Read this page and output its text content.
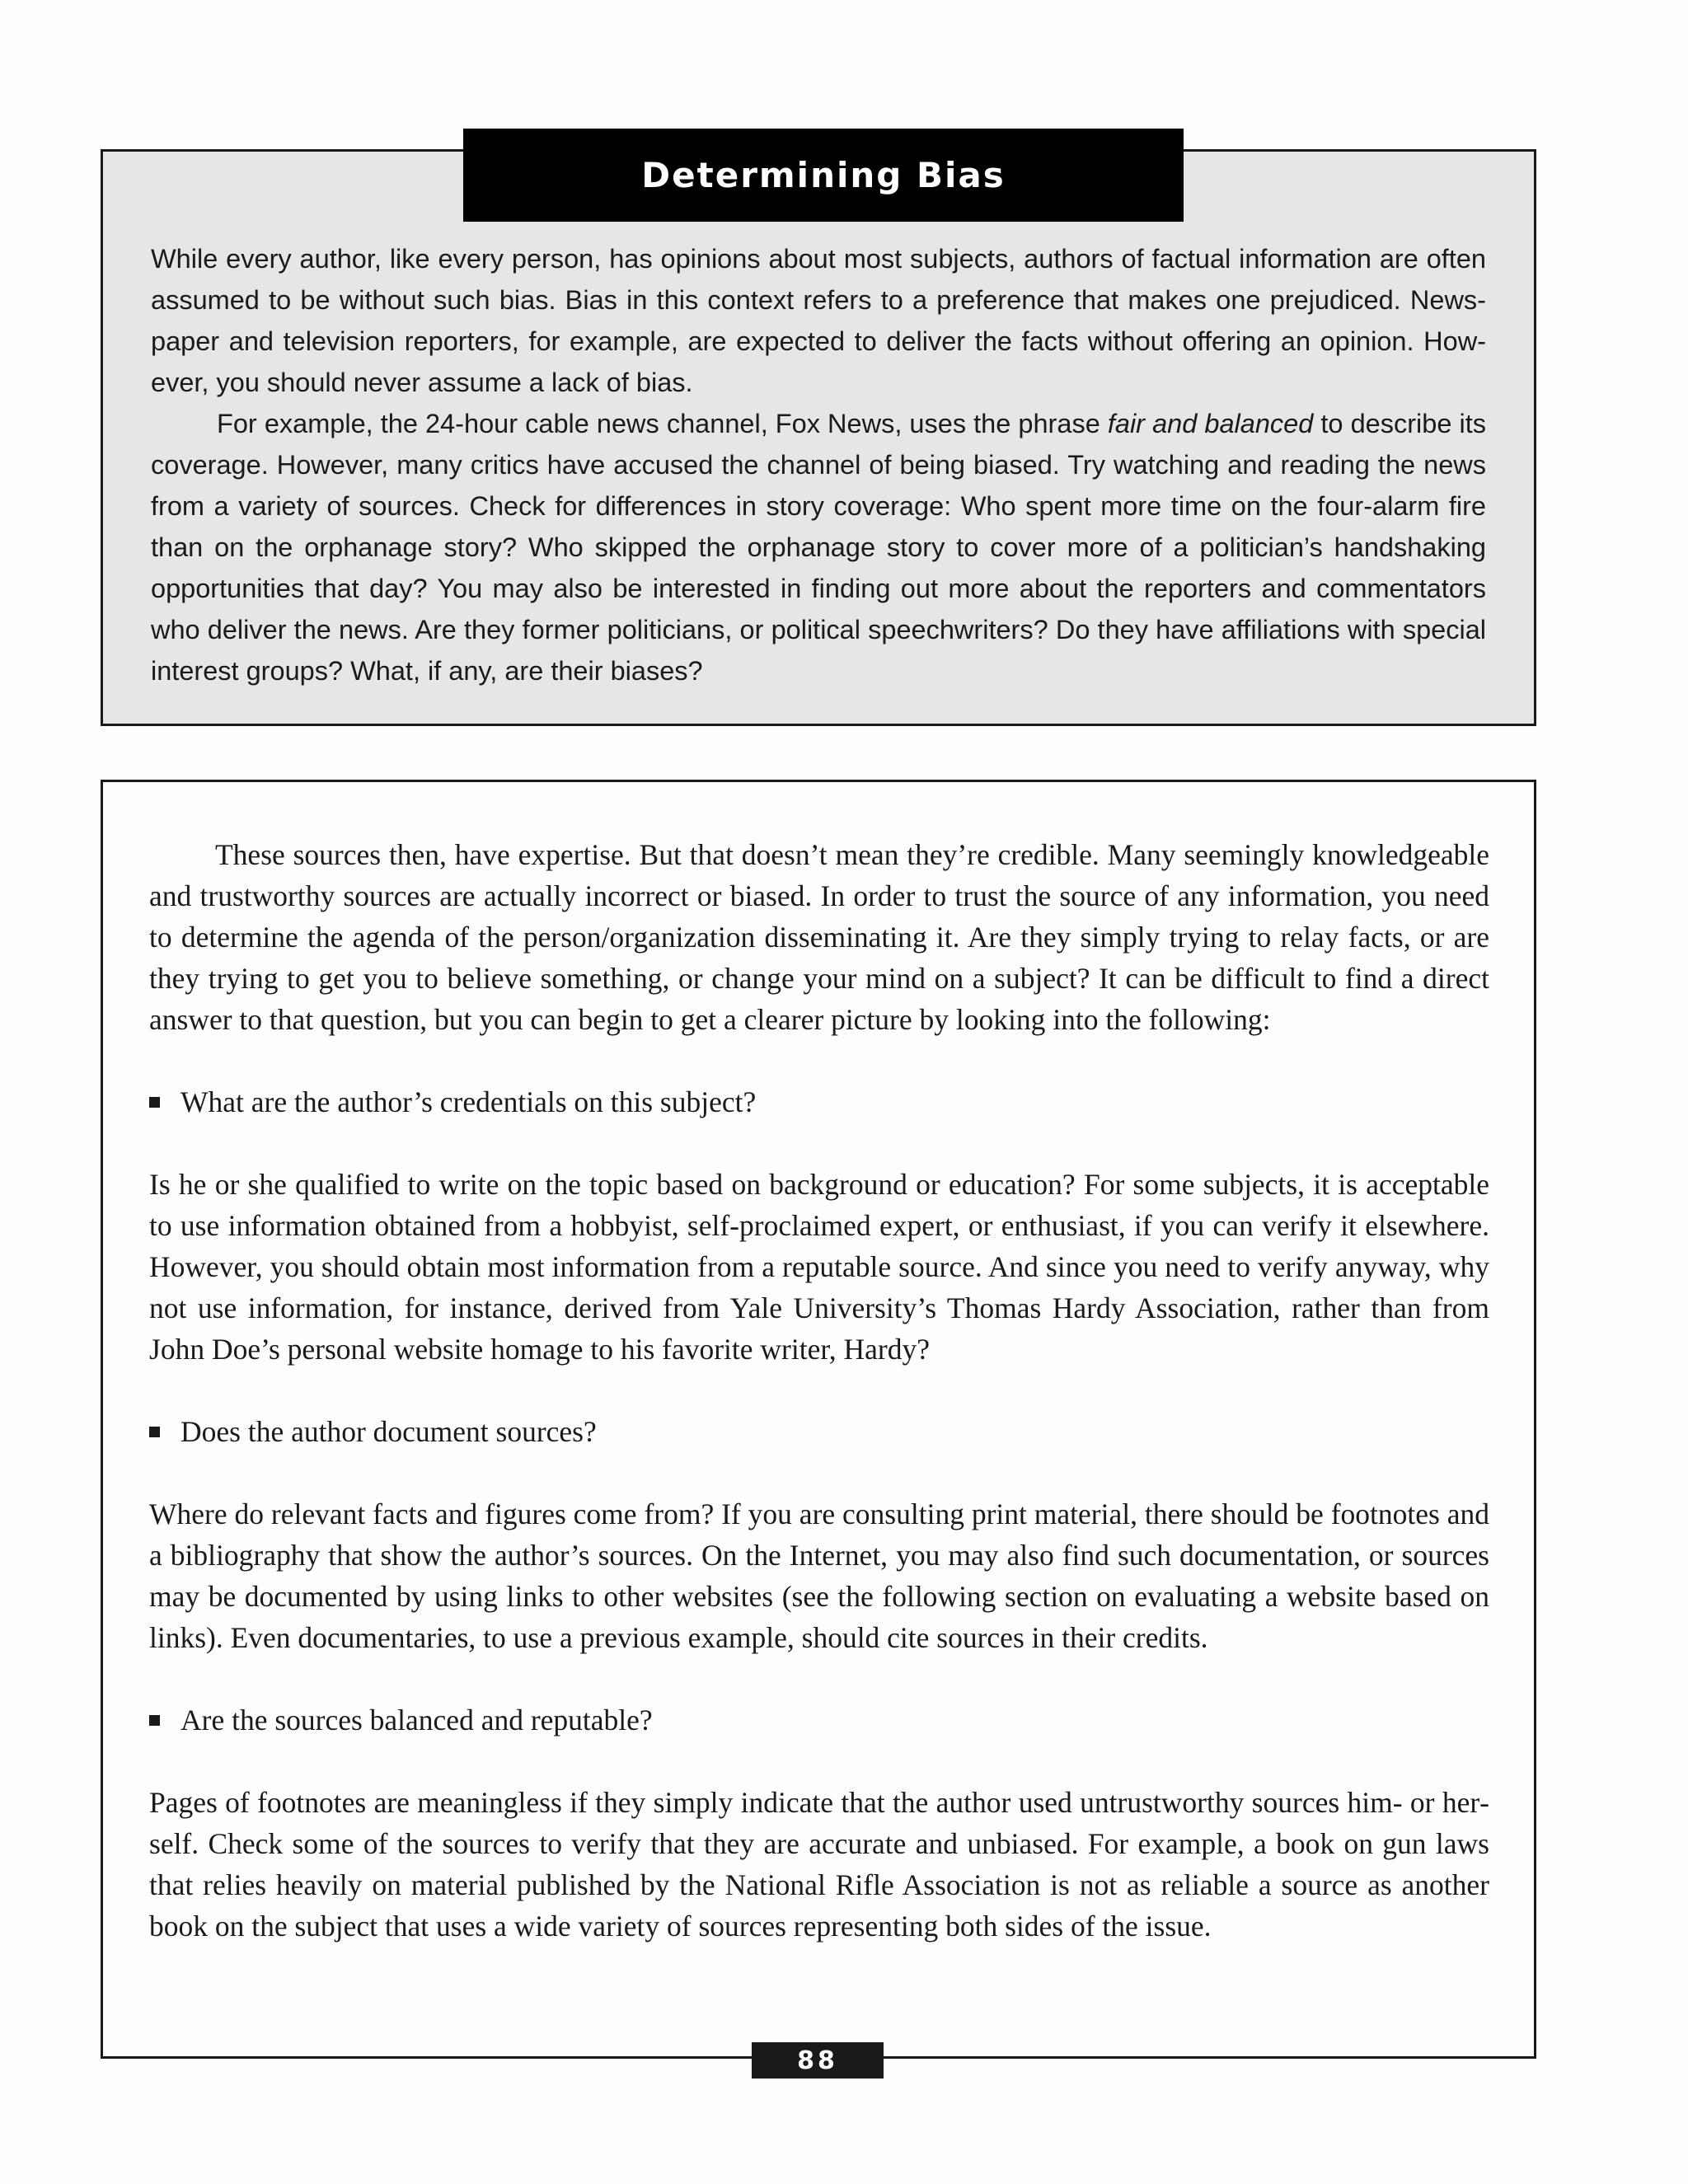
Determining Bias

While every author, like every person, has opinions about most subjects, authors of factual information are often assumed to be without such bias. Bias in this context refers to a preference that makes one prejudiced. Newspaper and television reporters, for example, are expected to deliver the facts without offering an opinion. However, you should never assume a lack of bias.

For example, the 24-hour cable news channel, Fox News, uses the phrase fair and balanced to describe its coverage. However, many critics have accused the channel of being biased. Try watching and reading the news from a variety of sources. Check for differences in story coverage: Who spent more time on the four-alarm fire than on the orphanage story? Who skipped the orphanage story to cover more of a politician’s handshaking opportunities that day? You may also be interested in finding out more about the reporters and commentators who deliver the news. Are they former politicians, or political speechwriters? Do they have affiliations with special interest groups? What, if any, are their biases?

These sources then, have expertise. But that doesn’t mean they’re credible. Many seemingly knowledgeable and trustworthy sources are actually incorrect or biased. In order to trust the source of any information, you need to determine the agenda of the person/organization disseminating it. Are they simply trying to relay facts, or are they trying to get you to believe something, or change your mind on a subject? It can be difficult to find a direct answer to that question, but you can begin to get a clearer picture by looking into the following:

What are the author’s credentials on this subject?

Is he or she qualified to write on the topic based on background or education? For some subjects, it is acceptable to use information obtained from a hobbyist, self-proclaimed expert, or enthusiast, if you can verify it elsewhere. However, you should obtain most information from a reputable source. And since you need to verify anyway, why not use information, for instance, derived from Yale University’s Thomas Hardy Association, rather than from John Doe’s personal website homage to his favorite writer, Hardy?

Does the author document sources?

Where do relevant facts and figures come from? If you are consulting print material, there should be footnotes and a bibliography that show the author’s sources. On the Internet, you may also find such documentation, or sources may be documented by using links to other websites (see the following section on evaluating a website based on links). Even documentaries, to use a previous example, should cite sources in their credits.

Are the sources balanced and reputable?

Pages of footnotes are meaningless if they simply indicate that the author used untrustworthy sources him- or herself. Check some of the sources to verify that they are accurate and unbiased. For example, a book on gun laws that relies heavily on material published by the National Rifle Association is not as reliable a source as another book on the subject that uses a wide variety of sources representing both sides of the issue.

88
